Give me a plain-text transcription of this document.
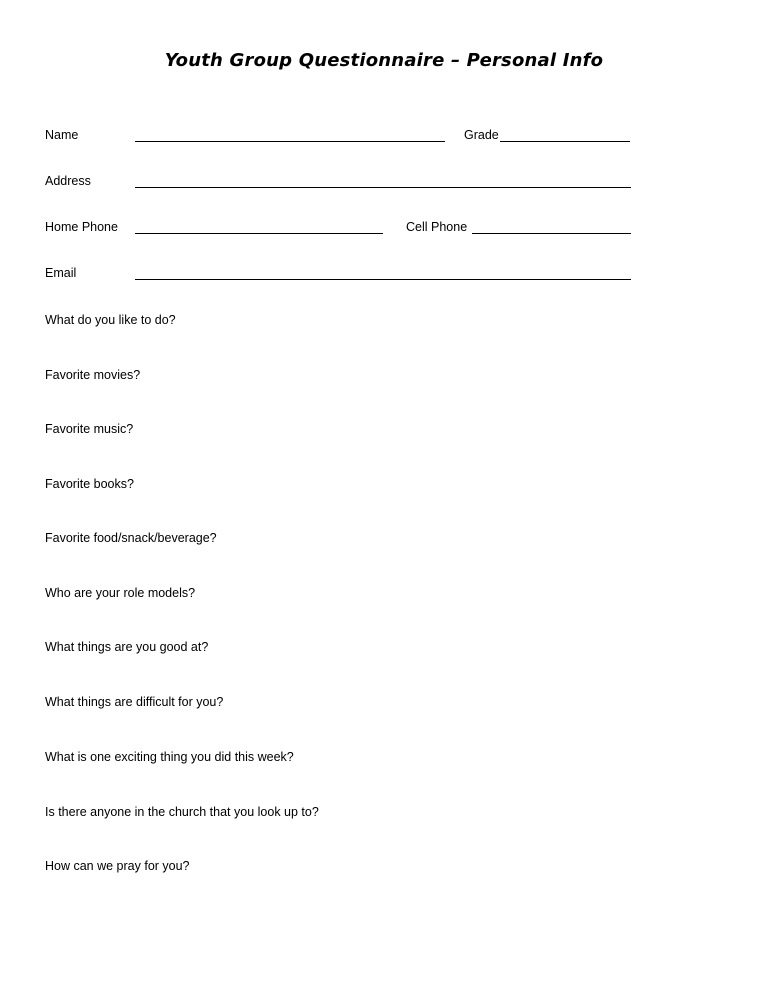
Youth Group Questionnaire – Personal Info
Name	Grade
Address
Home Phone	Cell Phone
Email
What do you like to do?
Favorite movies?
Favorite music?
Favorite books?
Favorite food/snack/beverage?
Who are your role models?
What things are you good at?
What things are difficult for you?
What is one exciting thing you did this week?
Is there anyone in the church that you look up to?
How can we pray for you?
